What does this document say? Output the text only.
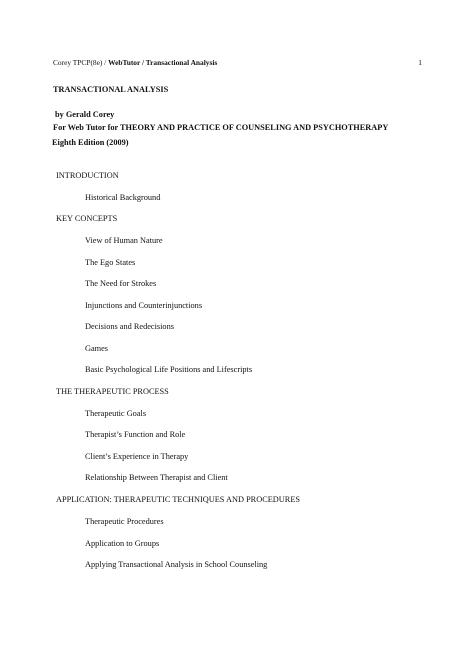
Corey TPCP(8e) / WebTutor / Transactional Analysis	1
TRANSACTIONAL ANALYSIS

by Gerald Corey

For Web Tutor for THEORY AND PRACTICE OF COUNSELING AND PSYCHOTHERAPY
Eighth Edition (2009)
INTRODUCTION
Historical Background
KEY CONCEPTS
View of Human Nature
The Ego States
The Need for Strokes
Injunctions and Counterinjunctions
Decisions and Redecisions
Games
Basic Psychological Life Positions and Lifescripts
THE THERAPEUTIC PROCESS
Therapeutic Goals
Therapist’s Function and Role
Client’s Experience in Therapy
Relationship Between Therapist and Client
APPLICATION: THERAPEUTIC TECHNIQUES AND PROCEDURES
Therapeutic Procedures
Application to Groups
Applying Transactional Analysis in School Counseling
